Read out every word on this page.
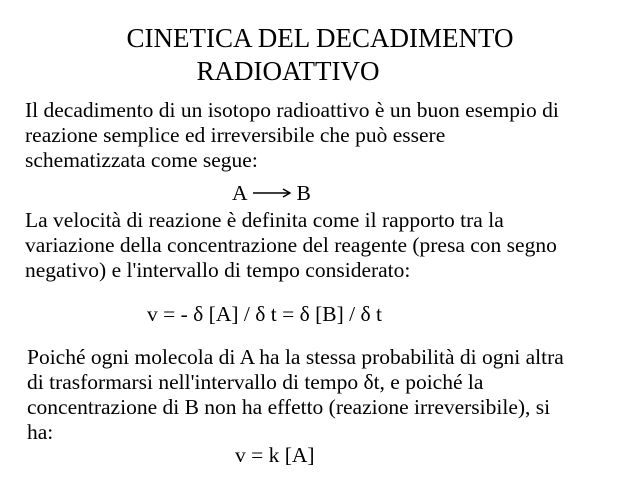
CINETICA DEL DECADIMENTO
RADIOATTIVO
Il decadimento di un isotopo radioattivo è un buon esempio di
reazione semplice ed irreversibile che può essere
schematizzata come segue:
A B
La velocità di reazione è definita come il rapporto tra la
variazione della concentrazione del reagente (presa con segno
negativo) e l'intervallo di tempo considerato:
v = - δ [A] / δ t = δ [B] / δ t
Poiché ogni molecola di A ha la stessa probabilità di ogni altra
di trasformarsi nell'intervallo di tempo δt, e poiché la
concentrazione di B non ha effetto (reazione irreversibile), si
ha:
v = k [A]
